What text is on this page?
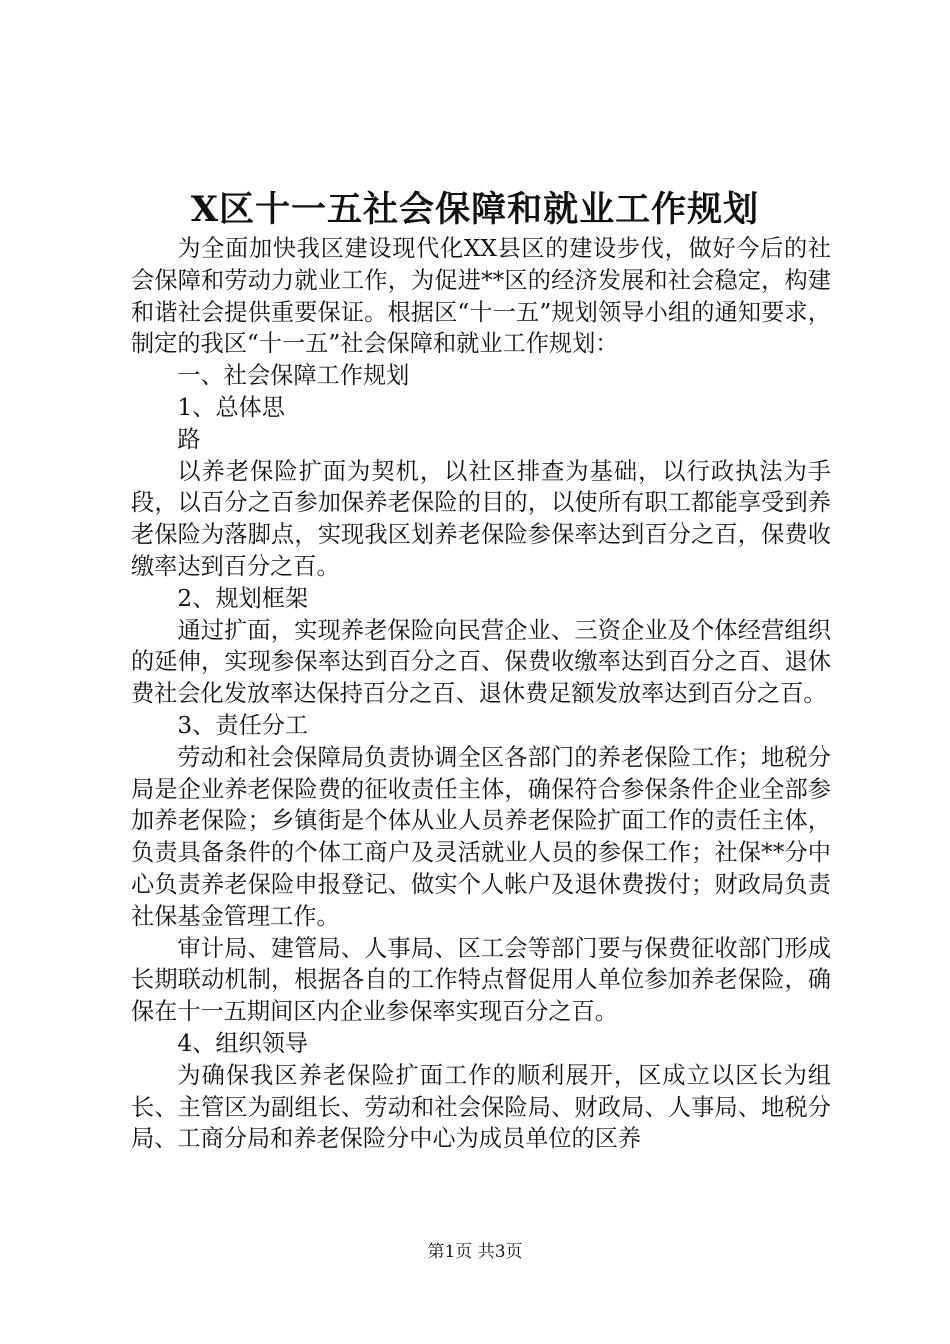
X区十一五社会保障和就业工作规划

为全面加快我区建设现代化XX县区的建设步伐，做好今后的社会保障和劳动力就业工作，为促进**区的经济发展和社会稳定，构建和谐社会提供重要保证。根据区“十一五”规划领导小组的通知要求，制定的我区“十一五”社会保障和就业工作规划：

一、社会保障工作规划

1、总体思

路

以养老保险扩面为契机，以社区排查为基础，以行政执法为手段，以百分之百参加保养老保险的目的，以使所有职工都能享受到养老保险为落脚点，实现我区划养老保险参保率达到百分之百，保费收缴率达到百分之百。

2、规划框架

通过扩面，实现养老保险向民营企业、三资企业及个体经营组织的延伸，实现参保率达到百分之百、保费收缴率达到百分之百、退休费社会化发放率达保持百分之百、退休费足额发放率达到百分之百。

3、责任分工

劳动和社会保障局负责协调全区各部门的养老保险工作；地税分局是企业养老保险费的征收责任主体，确保符合参保条件企业全部参加养老保险；乡镇街是个体从业人员养老保险扩面工作的责任主体，负责具备条件的个体工商户及灵活就业人员的参保工作；社保**分中心负责养老保险申报登记、做实个人帐户及退休费拨付；财政局负责社保基金管理工作。

审计局、建管局、人事局、区工会等部门要与保费征收部门形成长期联动机制，根据各自的工作特点督促用人单位参加养老保险，确保在十一五期间区内企业参保率实现百分之百。

4、组织领导

为确保我区养老保险扩面工作的顺利展开，区成立以区长为组长、主管区为副组长、劳动和社会保险局、财政局、人事局、地税分局、工商分局和养老保险分中心为成员单位的区养

第1页 共3页
